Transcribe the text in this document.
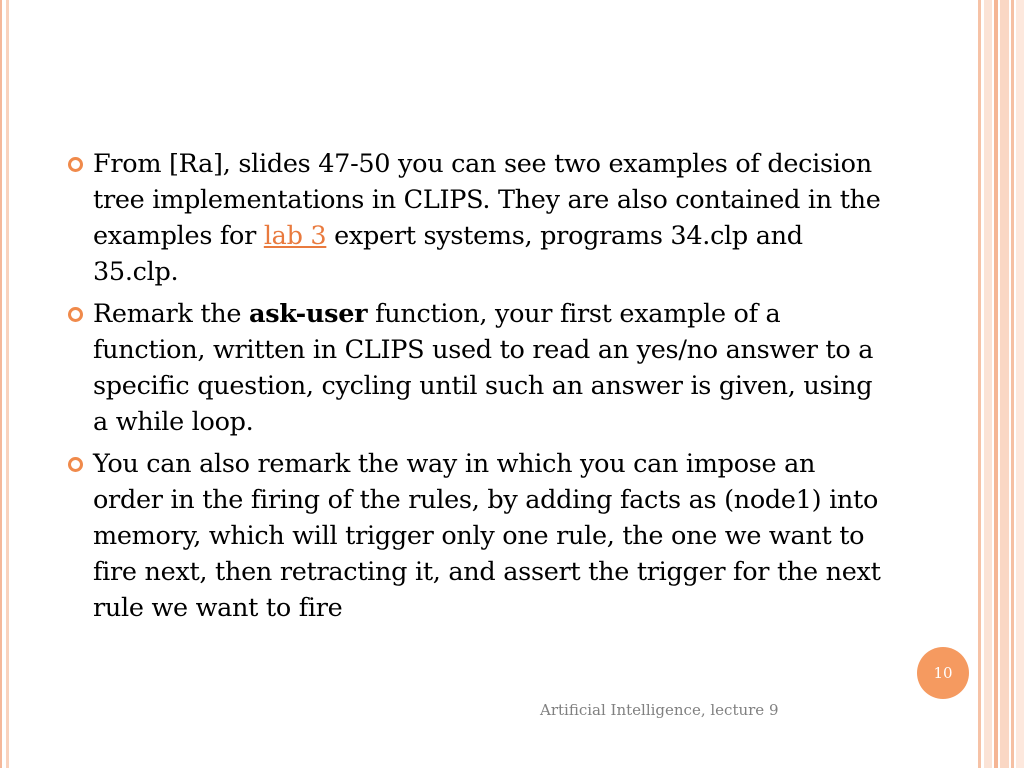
From [Ra], slides 47-50 you can see two examples of decision tree implementations in CLIPS. They are also contained in the examples for lab 3 expert systems, programs 34.clp and 35.clp.
Remark the ask-user function, your first example of a function, written in CLIPS used to read an yes/no answer to a specific question, cycling until such an answer is given, using a while loop.
You can also remark the way in which you can impose an order in the firing of the rules, by adding facts as (node1) into memory, which will trigger only one rule, the one we want to fire next, then retracting it, and assert the trigger for the next rule we want to fire
10
Artificial Intelligence, lecture 9
